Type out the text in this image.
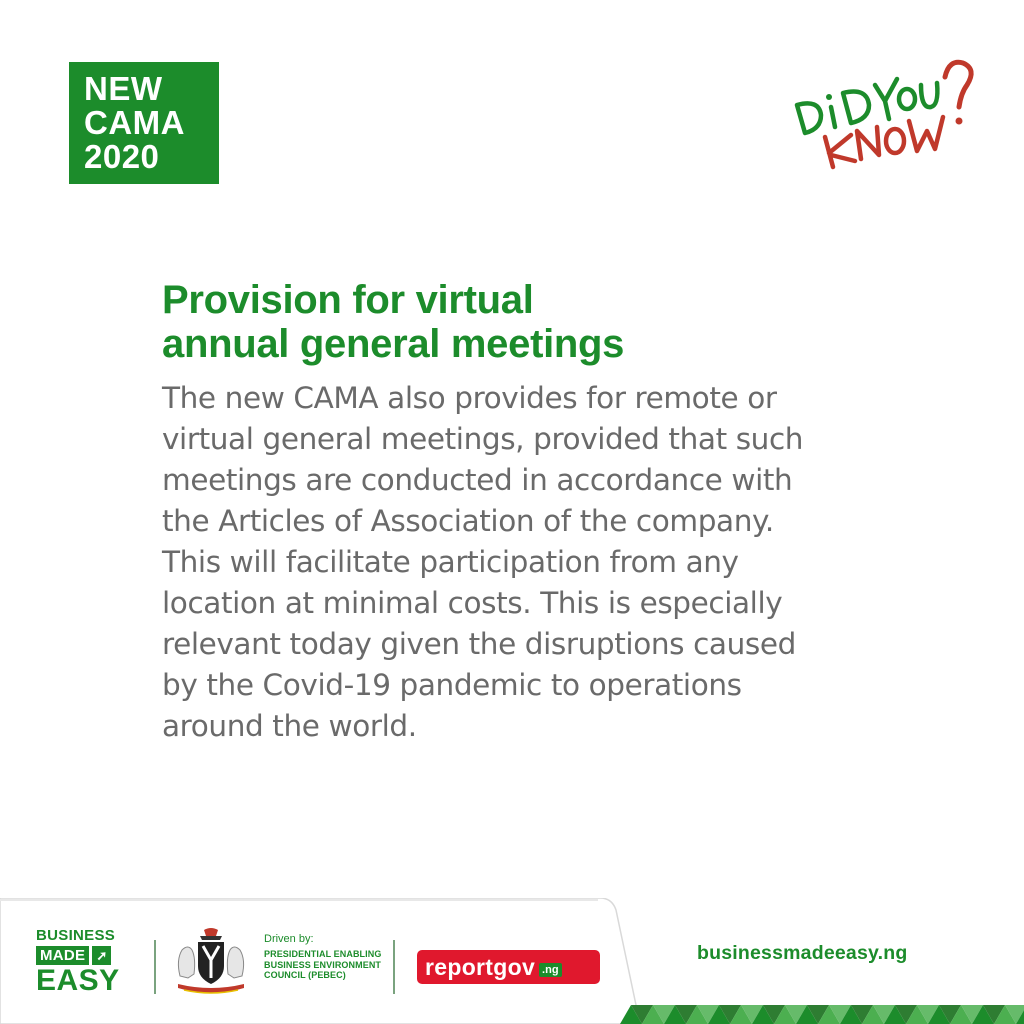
NEW
CAMA
2020
Provision for virtual
annual general meetings
The new CAMA also provides for remote or
virtual general meetings, provided that such
meetings are conducted in accordance with
the Articles of Association of the company.
This will facilitate participation from any
location at minimal costs. This is especially
relevant today given the disruptions caused
by the Covid-19 pandemic to operations
around the world.
BUSINESS
MADE ➚
EASY
Driven by:
PRESIDENTIAL ENABLING BUSINESS ENVIRONMENT COUNCIL (PEBEC)	reportgov .ng
businessmadeeasy.ng
